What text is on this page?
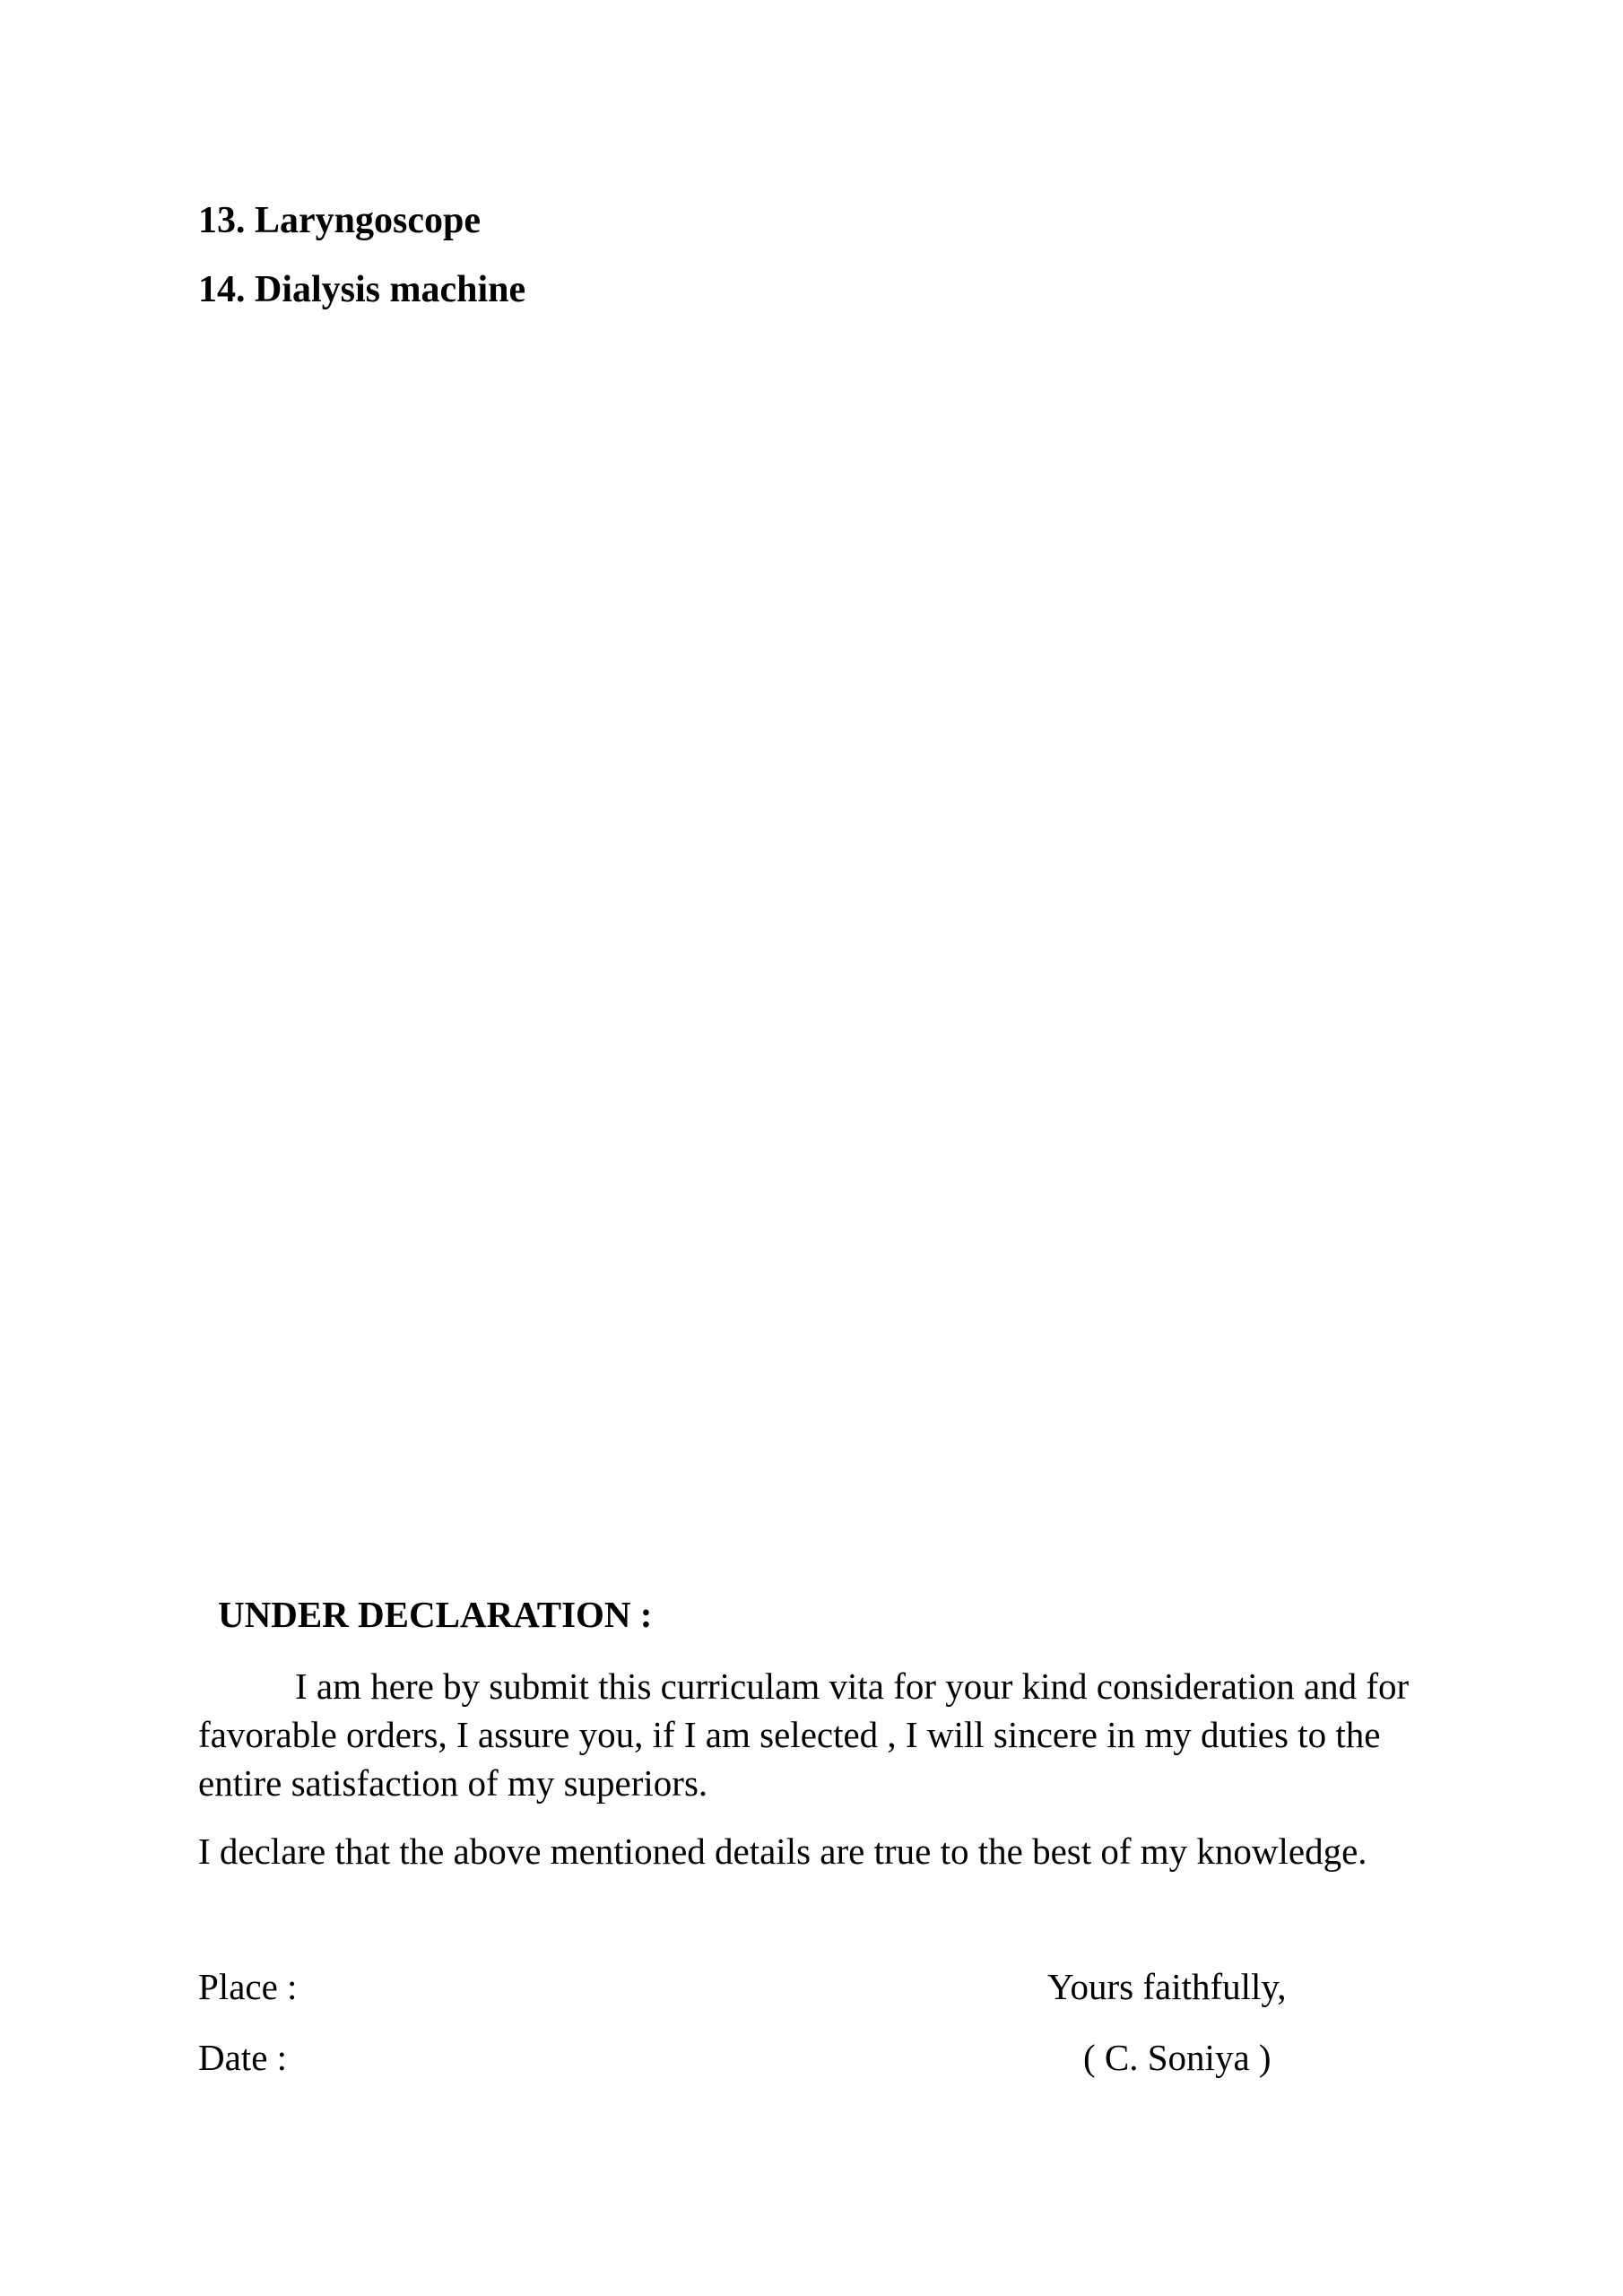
13. Laryngoscope
14. Dialysis machine
UNDER DECLARATION :
I am here by submit this curriculam vita for your kind consideration and for favorable orders, I assure you, if I am selected , I will sincere in my duties to the entire satisfaction of my superiors.
I declare that the above mentioned details are true to the best of my knowledge.
Place :
Date :
Yours faithfully,
( C. Soniya )
